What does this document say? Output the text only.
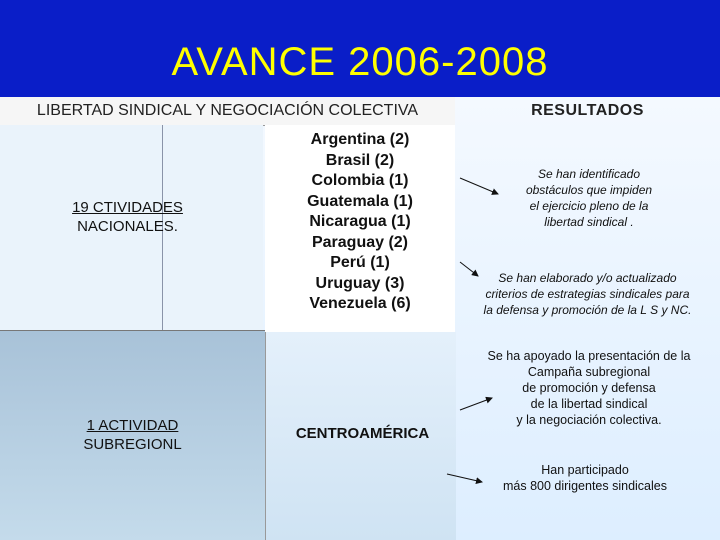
AVANCE 2006-2008
LIBERTAD SINDICAL Y NEGOCIACIÓN COLECTIVA	RESULTADOS
19 CTIVIDADES
NACIONALES.
1 ACTIVIDAD
SUBREGIONL
Argentina (2)
Brasil (2)
Colombia (1)
Guatemala (1)
Nicaragua (1)
Paraguay (2)
Perú (1)
Uruguay (3)
Venezuela (6)
CENTROAMÉRICA
Se han identificado
obstáculos que impiden
el ejercicio pleno de la
libertad sindical .
Se han elaborado y/o actualizado
criterios de estrategias sindicales para
la defensa y promoción de la L S y NC.
Se ha apoyado la presentación de la
Campaña subregional
de promoción y defensa
de la libertad sindical
y la negociación colectiva.
Han participado
más 800 dirigentes sindicales
